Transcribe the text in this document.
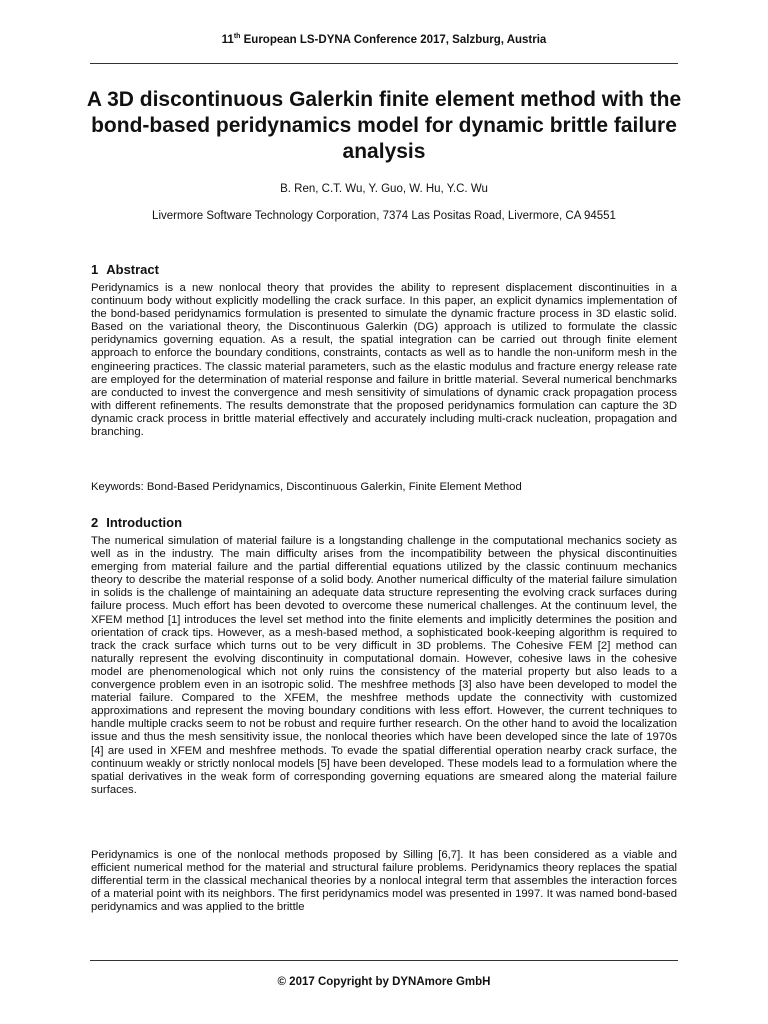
11th European LS-DYNA Conference 2017, Salzburg, Austria
A 3D discontinuous Galerkin finite element method with the bond-based peridynamics model for dynamic brittle failure analysis
B. Ren, C.T. Wu, Y. Guo, W. Hu, Y.C. Wu
Livermore Software Technology Corporation, 7374 Las Positas Road, Livermore, CA 94551
1 Abstract

Peridynamics is a new nonlocal theory that provides the ability to represent displacement discontinuities in a continuum body without explicitly modelling the crack surface. In this paper, an explicit dynamics implementation of the bond-based peridynamics formulation is presented to simulate the dynamic fracture process in 3D elastic solid. Based on the variational theory, the Discontinuous Galerkin (DG) approach is utilized to formulate the classic peridynamics governing equation. As a result, the spatial integration can be carried out through finite element approach to enforce the boundary conditions, constraints, contacts as well as to handle the non-uniform mesh in the engineering practices. The classic material parameters, such as the elastic modulus and fracture energy release rate are employed for the determination of material response and failure in brittle material. Several numerical benchmarks are conducted to invest the convergence and mesh sensitivity of simulations of dynamic crack propagation process with different refinements. The results demonstrate that the proposed peridynamics formulation can capture the 3D dynamic crack process in brittle material effectively and accurately including multi-crack nucleation, propagation and branching.

Keywords: Bond-Based Peridynamics, Discontinuous Galerkin, Finite Element Method
2 Introduction

The numerical simulation of material failure is a longstanding challenge in the computational mechanics society as well as in the industry. The main difficulty arises from the incompatibility between the physical discontinuities emerging from material failure and the partial differential equations utilized by the classic continuum mechanics theory to describe the material response of a solid body. Another numerical difficulty of the material failure simulation in solids is the challenge of maintaining an adequate data structure representing the evolving crack surfaces during failure process. Much effort has been devoted to overcome these numerical challenges. At the continuum level, the XFEM method [1] introduces the level set method into the finite elements and implicitly determines the position and orientation of crack tips. However, as a mesh-based method, a sophisticated book-keeping algorithm is required to track the crack surface which turns out to be very difficult in 3D problems. The Cohesive FEM [2] method can naturally represent the evolving discontinuity in computational domain. However, cohesive laws in the cohesive model are phenomenological which not only ruins the consistency of the material property but also leads to a convergence problem even in an isotropic solid. The meshfree methods [3] also have been developed to model the material failure. Compared to the XFEM, the meshfree methods update the connectivity with customized approximations and represent the moving boundary conditions with less effort. However, the current techniques to handle multiple cracks seem to not be robust and require further research. On the other hand to avoid the localization issue and thus the mesh sensitivity issue, the nonlocal theories which have been developed since the late of 1970s [4] are used in XFEM and meshfree methods. To evade the spatial differential operation nearby crack surface, the continuum weakly or strictly nonlocal models [5] have been developed. These models lead to a formulation where the spatial derivatives in the weak form of corresponding governing equations are smeared along the material failure surfaces.

Peridynamics is one of the nonlocal methods proposed by Silling [6,7]. It has been considered as a viable and efficient numerical method for the material and structural failure problems. Peridynamics theory replaces the spatial differential term in the classical mechanical theories by a nonlocal integral term that assembles the interaction forces of a material point with its neighbors. The first peridynamics model was presented in 1997. It was named bond-based peridynamics and was applied to the brittle

© 2017 Copyright by DYNAmore GmbH
